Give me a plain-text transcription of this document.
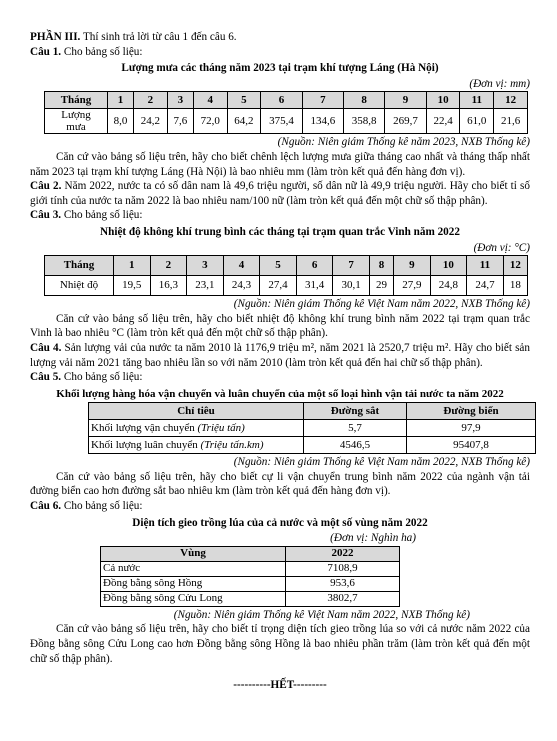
PHẦN III. Thí sinh trả lời từ câu 1 đến câu 6.

Câu 1. Cho bảng số liệu:

Lượng mưa các tháng năm 2023 tại trạm khí tượng Láng (Hà Nội)

(Đơn vị: mm)

Tháng	1	2	3	4	5	6	7	8	9	10	11	12
Lượng
mưa	8,0	24,2	7,6	72,0	64,2	375,4	134,6	358,8	269,7	22,4	61,0	21,6

(Nguồn: Niên giám Thống kê năm 2023, NXB Thống kê)

Căn cứ vào bảng số liệu trên, hãy cho biết chênh lệch lượng mưa giữa tháng cao nhất và tháng thấp nhất năm 2023 tại trạm khí tượng Láng (Hà Nội) là bao nhiêu mm (làm tròn kết quả đến hàng đơn vị).

Câu 2. Năm 2022, nước ta có số dân nam là 49,6 triệu người, số dân nữ là 49,9 triệu người. Hãy cho biết tỉ số giới tính của nước ta năm 2022 là bao nhiêu nam/100 nữ (làm tròn kết quả đến một chữ số thập phân).

Câu 3. Cho bảng số liệu:

Nhiệt độ không khí trung bình các tháng tại trạm quan trắc Vinh năm 2022

(Đơn vị: °C)

Tháng	1	2	3	4	5	6	7	8	9	10	11	12
Nhiệt độ	19,5	16,3	23,1	24,3	27,4	31,4	30,1	29	27,9	24,8	24,7	18

(Nguồn: Niên giám Thống kê Việt Nam năm 2022, NXB Thống kê)

Căn cứ vào bảng số liệu trên, hãy cho biết nhiệt độ không khí trung bình năm 2022 tại trạm quan trắc Vinh là bao nhiêu °C (làm tròn kết quả đến một chữ số thập phân).

Câu 4. Sản lượng vải của nước ta năm 2010 là 1176,9 triệu m², năm 2021 là 2520,7 triệu m². Hãy cho biết sản lượng vải năm 2021 tăng bao nhiêu lần so với năm 2010 (làm tròn kết quả đến hai chữ số thập phân).

Câu 5. Cho bảng số liệu:

Khối lượng hàng hóa vận chuyển và luân chuyển của một số loại hình vận tải nước ta năm 2022

Chỉ tiêu	Đường sắt	Đường biển
Khối lượng vận chuyển (Triệu tấn)	5,7	97,9
Khối lượng luân chuyển (Triệu tấn.km)	4546,5	95407,8

(Nguồn: Niên giám Thống kê Việt Nam năm 2022, NXB Thống kê)

Căn cứ vào bảng số liệu trên, hãy cho biết cự li vận chuyển trung bình năm 2022 của ngành vận tải đường biển cao hơn đường sắt bao nhiêu km (làm tròn kết quả đến hàng đơn vị).

Câu 6. Cho bảng số liệu:

Diện tích gieo trồng lúa của cả nước và một số vùng năm 2022

(Đơn vị: Nghìn ha)

Vùng	2022
Cả nước	7108,9
Đồng bằng sông Hồng	953,6
Đồng bằng sông Cửu Long	3802,7

(Nguồn: Niên giám Thống kê Việt Nam năm 2022, NXB Thống kê)

Căn cứ vào bảng số liệu trên, hãy cho biết tỉ trọng diện tích gieo trồng lúa so với cả nước năm 2022 của Đồng bằng sông Cửu Long cao hơn Đồng bằng sông Hồng là bao nhiêu phần trăm (làm tròn kết quả đến một chữ số thập phân).

----------HẾT---------
